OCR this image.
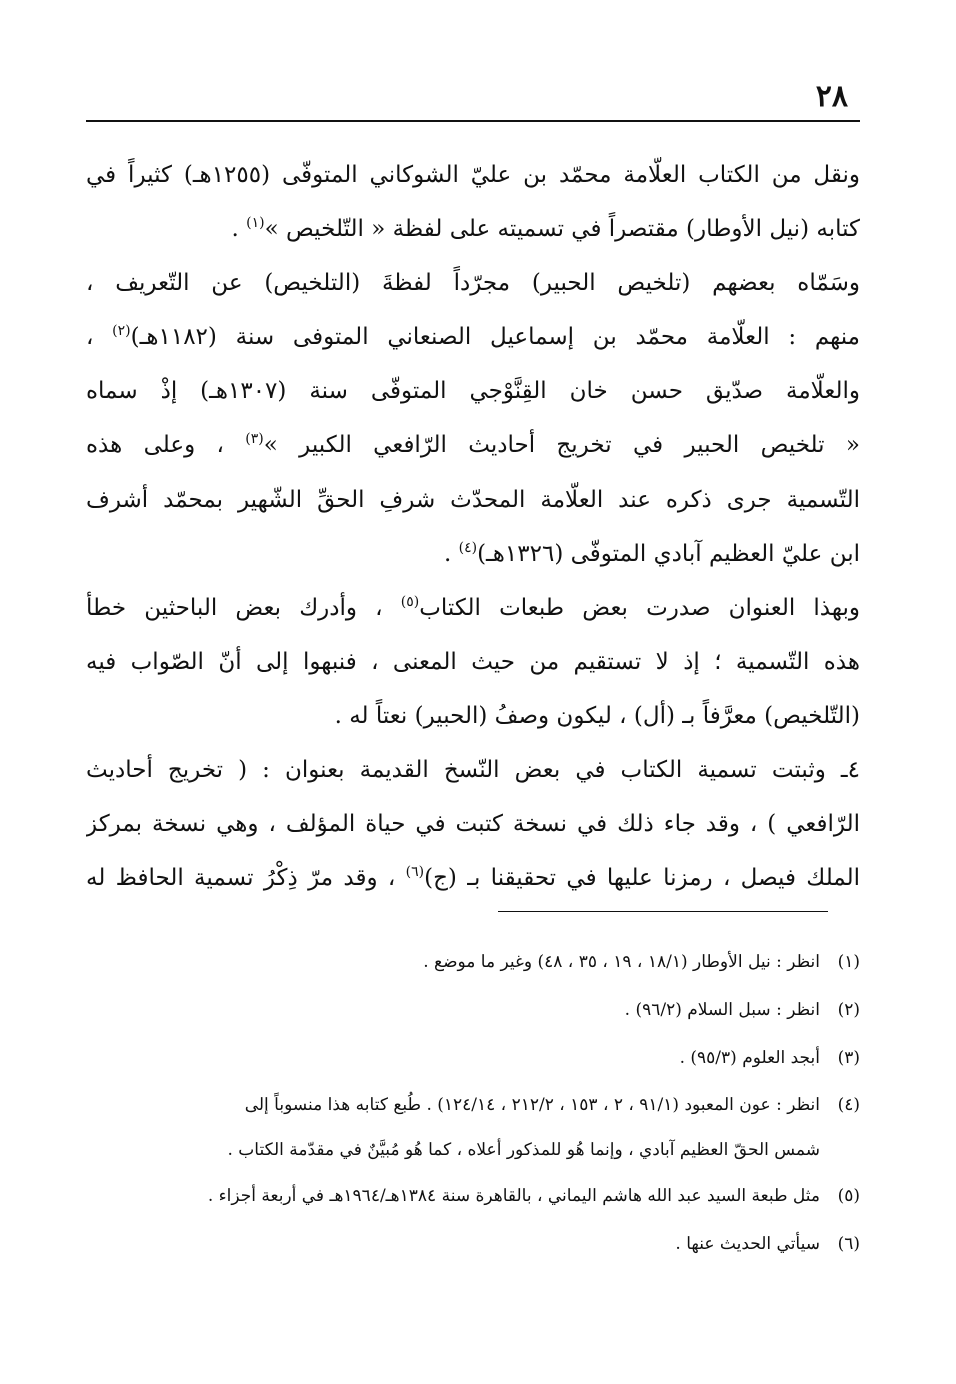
٢٨
ونقل من الكتاب العلّامة محمّد بن عليّ الشوكاني المتوفّى (١٢٥٥هـ) كثيراً في
كتابه (نيل الأوطار) مقتصراً في تسميته على لفظة « التّلخيص »$^{(١)}$ .
وسَمّاه بعضهم (تلخيص الحبير) مجرّداً لفظةَ (التلخيص) عن التّعريف ،
منهم : العلّامة محمّد بن إسماعيل الصنعاني المتوفى سنة (١١٨٢هـ)$^{(٢)}$ ،
والعلّامة صدّيق حسن خان القِنَّوْجي المتوفّى سنة (١٣٠٧هـ) إذْ سماه
« تلخيص الحبير في تخريج أحاديث الرّافعي الكبير »$^{(٣)}$ ، وعلى هذه
التّسمية جرى ذكره عند العلّامة المحدّث شرفِ الحقِّ الشّهير بمحمّد أشرف
ابن عليّ العظيم آبادي المتوفّى (١٣٢٦هـ)$^{(٤)}$ .
وبهذا العنوان صدرت بعض طبعات الكتاب$^{(٥)}$ ، وأدرك بعض الباحثين خطأ
هذه التّسمية ؛ إذ لا تستقيم من حيث المعنى ، فنبهوا إلى أنّ الصّواب فيه
(التّلخيص) معرَّفاً بـ (أل) ، ليكون وصفُ (الحبير) نعتاً له .
٤ـ وثبتت تسمية الكتاب في بعض النّسخ القديمة بعنوان : ( تخريج أحاديث
الرّافعي ) ، وقد جاء ذلك في نسخة كتبت في حياة المؤلف ، وهي نسخة بمركز
الملك فيصل ، رمزنا عليها في تحقيقنا بـ (ج)$^{(٦)}$ ، وقد مرّ ذِكْرُ تسمية الحافظ له
(١)انظر : نيل الأوطار (١٨/١ ، ١٩ ، ٣٥ ، ٤٨) وغير ما موضع .
(٢)انظر : سبل السلام (٩٦/٢) .
(٣)أبجد العلوم (٩٥/٣) .
(٤)انظر : عون المعبود (٩١/١ ، ٢ ، ١٥٣ ، ٢١٢/٢ ، ١٢٤/١٤) . طُبع كتابه هذا منسوباً إلى
شمس الحقّ العظيم آبادي ، وإنما هُو للمذكور أعلاه ، كما هُو مُبيَّنٌ في مقدّمة الكتاب .
(٥)مثل طبعة السيد عبد الله هاشم اليماني ، بالقاهرة سنة ١٣٨٤هـ/١٩٦٤هـ في أربعة أجزاء .
(٦)سيأتي الحديث عنها .
